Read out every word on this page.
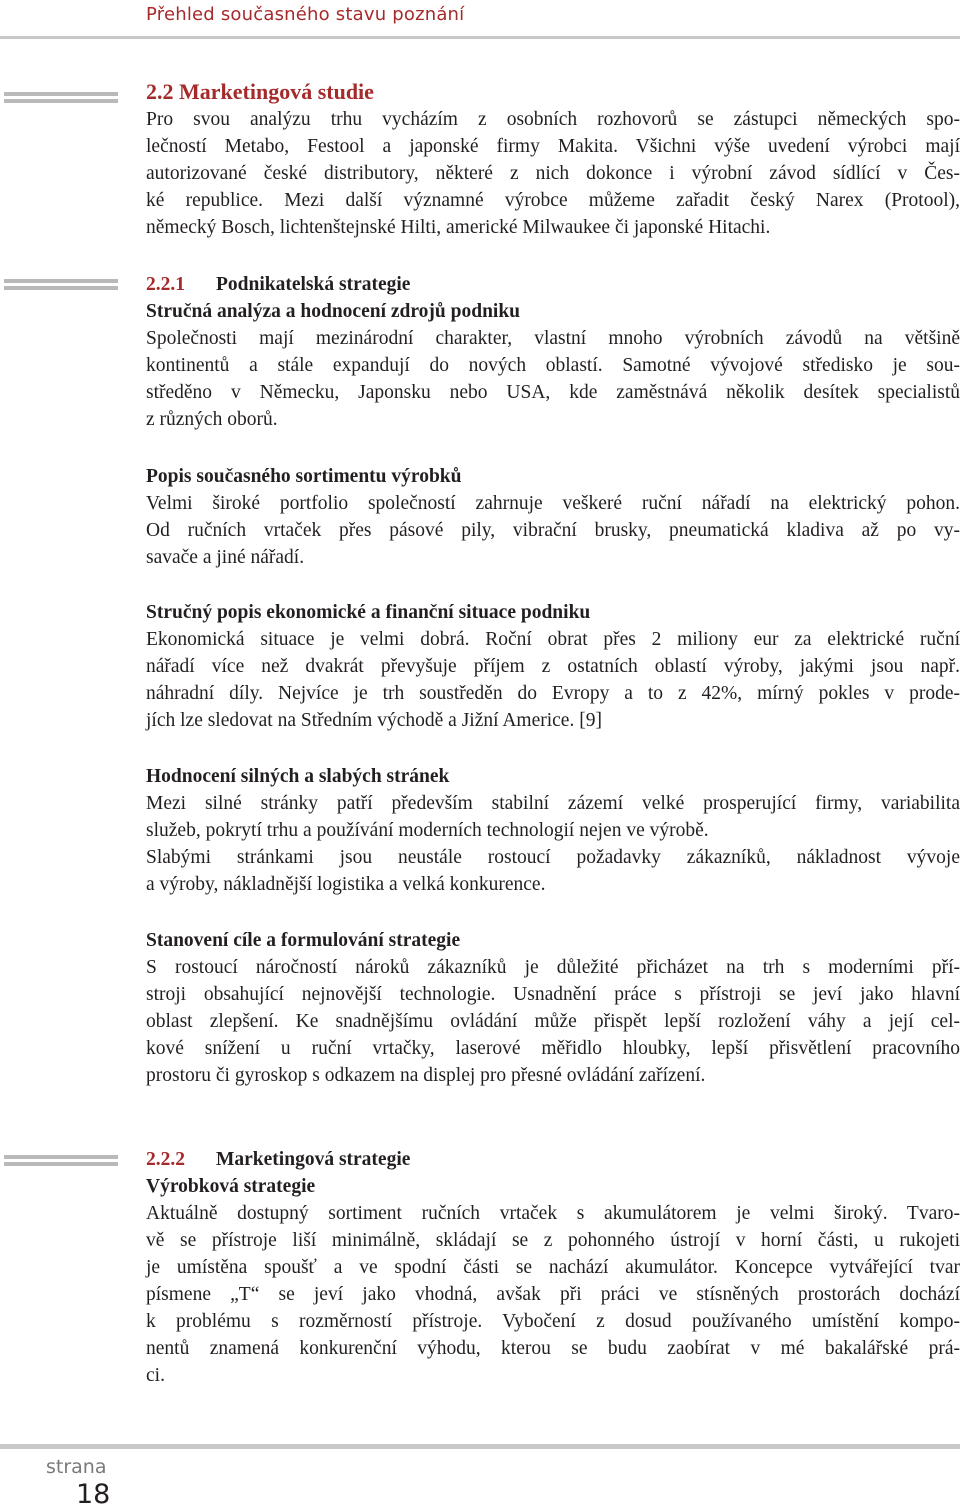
Přehled současného stavu poznání
2.2 Marketingová studie
Pro svou analýzu trhu vycházím z osobních rozhovorů se zástupci německých spo-
lečností Metabo, Festool a japonské firmy Makita. Všichni výše uvedení výrobci mají
autorizované české distributory, některé z nich dokonce i výrobní závod sídlící v Čes-
ké republice. Mezi další významné výrobce můžeme zařadit český Narex (Protool),
německý Bosch, lichtenštejnské Hilti, americké Milwaukee či japonské Hitachi.
2.2.1 Podnikatelská strategie
Stručná analýza a hodnocení zdrojů podniku
Společnosti mají mezinárodní charakter, vlastní mnoho výrobních závodů na většině
kontinentů a stále expandují do nových oblastí. Samotné vývojové středisko je sou-
středěno v Německu, Japonsku nebo USA, kde zaměstnává několik desítek specialistů
z různých oborů.
Popis současného sortimentu výrobků
Velmi široké portfolio společností zahrnuje veškeré ruční nářadí na elektrický pohon.
Od ručních vrtaček přes pásové pily, vibrační brusky, pneumatická kladiva až po vy-
savače a jiné nářadí.
Stručný popis ekonomické a finanční situace podniku
Ekonomická situace je velmi dobrá. Roční obrat přes 2 miliony eur za elektrické ruční
nářadí více než dvakrát převyšuje příjem z ostatních oblastí výroby, jakými jsou např.
náhradní díly. Nejvíce je trh soustředěn do Evropy a to z 42%, mírný pokles v prode-
jích lze sledovat na Středním východě a Jižní Americe. [9]
Hodnocení silných a slabých stránek
Mezi silné stránky patří především stabilní zázemí velké prosperující firmy, variabilita
služeb, pokrytí trhu a používání moderních technologií nejen ve výrobě.
Slabými stránkami jsou neustále rostoucí požadavky zákazníků, nákladnost vývoje
a výroby, nákladnější logistika a velká konkurence.
Stanovení cíle a formulování strategie
S rostoucí náročností nároků zákazníků je důležité přicházet na trh s moderními pří-
stroji obsahující nejnovější technologie. Usnadnění práce s přístroji se jeví jako hlavní
oblast zlepšení. Ke snadnějšímu ovládání může přispět lepší rozložení váhy a její cel-
kové snížení u ruční vrtačky, laserové měřidlo hloubky, lepší přisvětlení pracovního
prostoru či gyroskop s odkazem na displej pro přesné ovládání zařízení.
2.2.2 Marketingová strategie
Výrobková strategie
Aktuálně dostupný sortiment ručních vrtaček s akumulátorem je velmi široký. Tvaro-
vě se přístroje liší minimálně, skládají se z pohonného ústrojí v horní části, u rukojeti
je umístěna spoušť a ve spodní části se nachází akumulátor. Koncepce vytvářející tvar
písmene „T“ se jeví jako vhodná, avšak při práci ve stísněných prostorách dochází
k problému s rozměrností přístroje. Vybočení z dosud používaného umístění kompo-
nentů znamená konkurenční výhodu, kterou se budu zaobírat v mé bakalářské prá-
ci.
strana
18
